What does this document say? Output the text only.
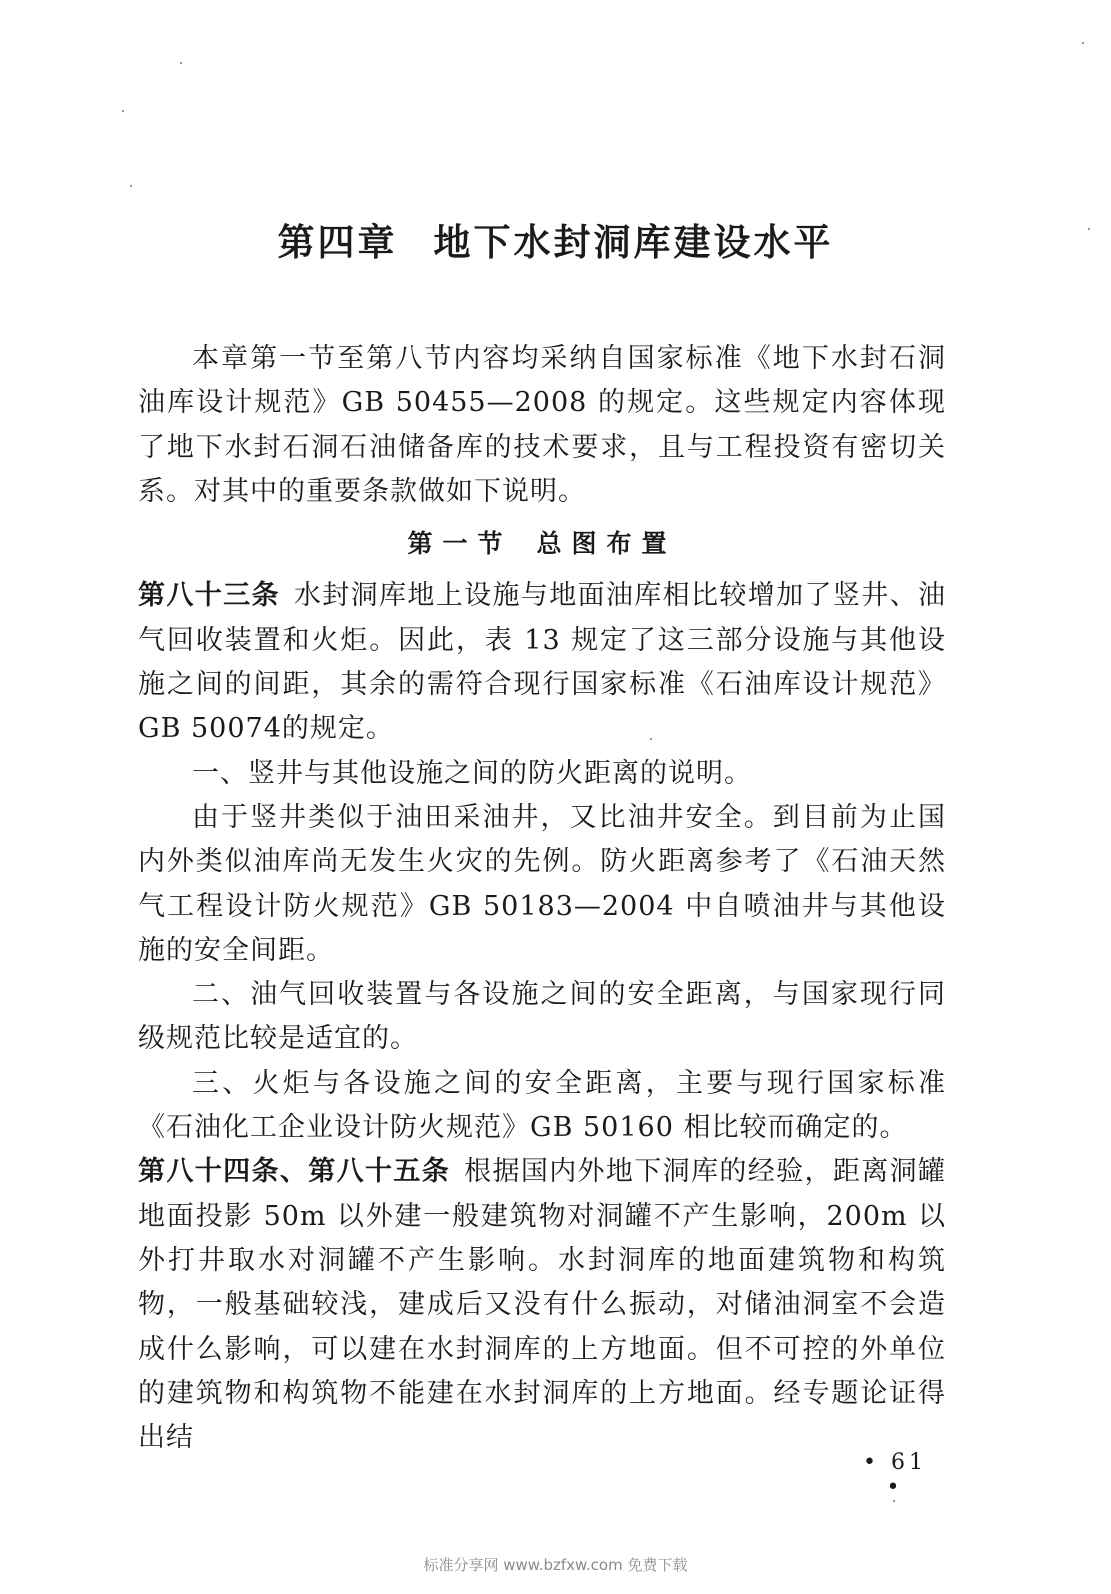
第四章 地下水封洞库建设水平

本章第一节至第八节内容均采纳自国家标准《地下水封石洞油库设计规范》GB 50455—2008 的规定。这些规定内容体现了地下水封石洞石油储备库的技术要求，且与工程投资有密切关系。对其中的重要条款做如下说明。

第一节 总图布置

第八十三条 水封洞库地上设施与地面油库相比较增加了竖井、油气回收装置和火炬。因此，表 13 规定了这三部分设施与其他设施之间的间距，其余的需符合现行国家标准《石油库设计规范》GB 50074的规定。

一、竖井与其他设施之间的防火距离的说明。

由于竖井类似于油田采油井，又比油井安全。到目前为止国内外类似油库尚无发生火灾的先例。防火距离参考了《石油天然气工程设计防火规范》GB 50183—2004 中自喷油井与其他设施的安全间距。

二、油气回收装置与各设施之间的安全距离，与国家现行同级规范比较是适宜的。

三、火炬与各设施之间的安全距离，主要与现行国家标准《石油化工企业设计防火规范》GB 50160 相比较而确定的。

第八十四条、第八十五条 根据国内外地下洞库的经验，距离洞罐地面投影 50m 以外建一般建筑物对洞罐不产生影响，200m 以外打井取水对洞罐不产生影响。水封洞库的地面建筑物和构筑物，一般基础较浅，建成后又没有什么振动，对储油洞室不会造成什么影响，可以建在水封洞库的上方地面。但不可控的外单位的建筑物和构筑物不能建在水封洞库的上方地面。经专题论证得出结

• 61 •
标准分享网 www.bzfxw.com 免费下载
